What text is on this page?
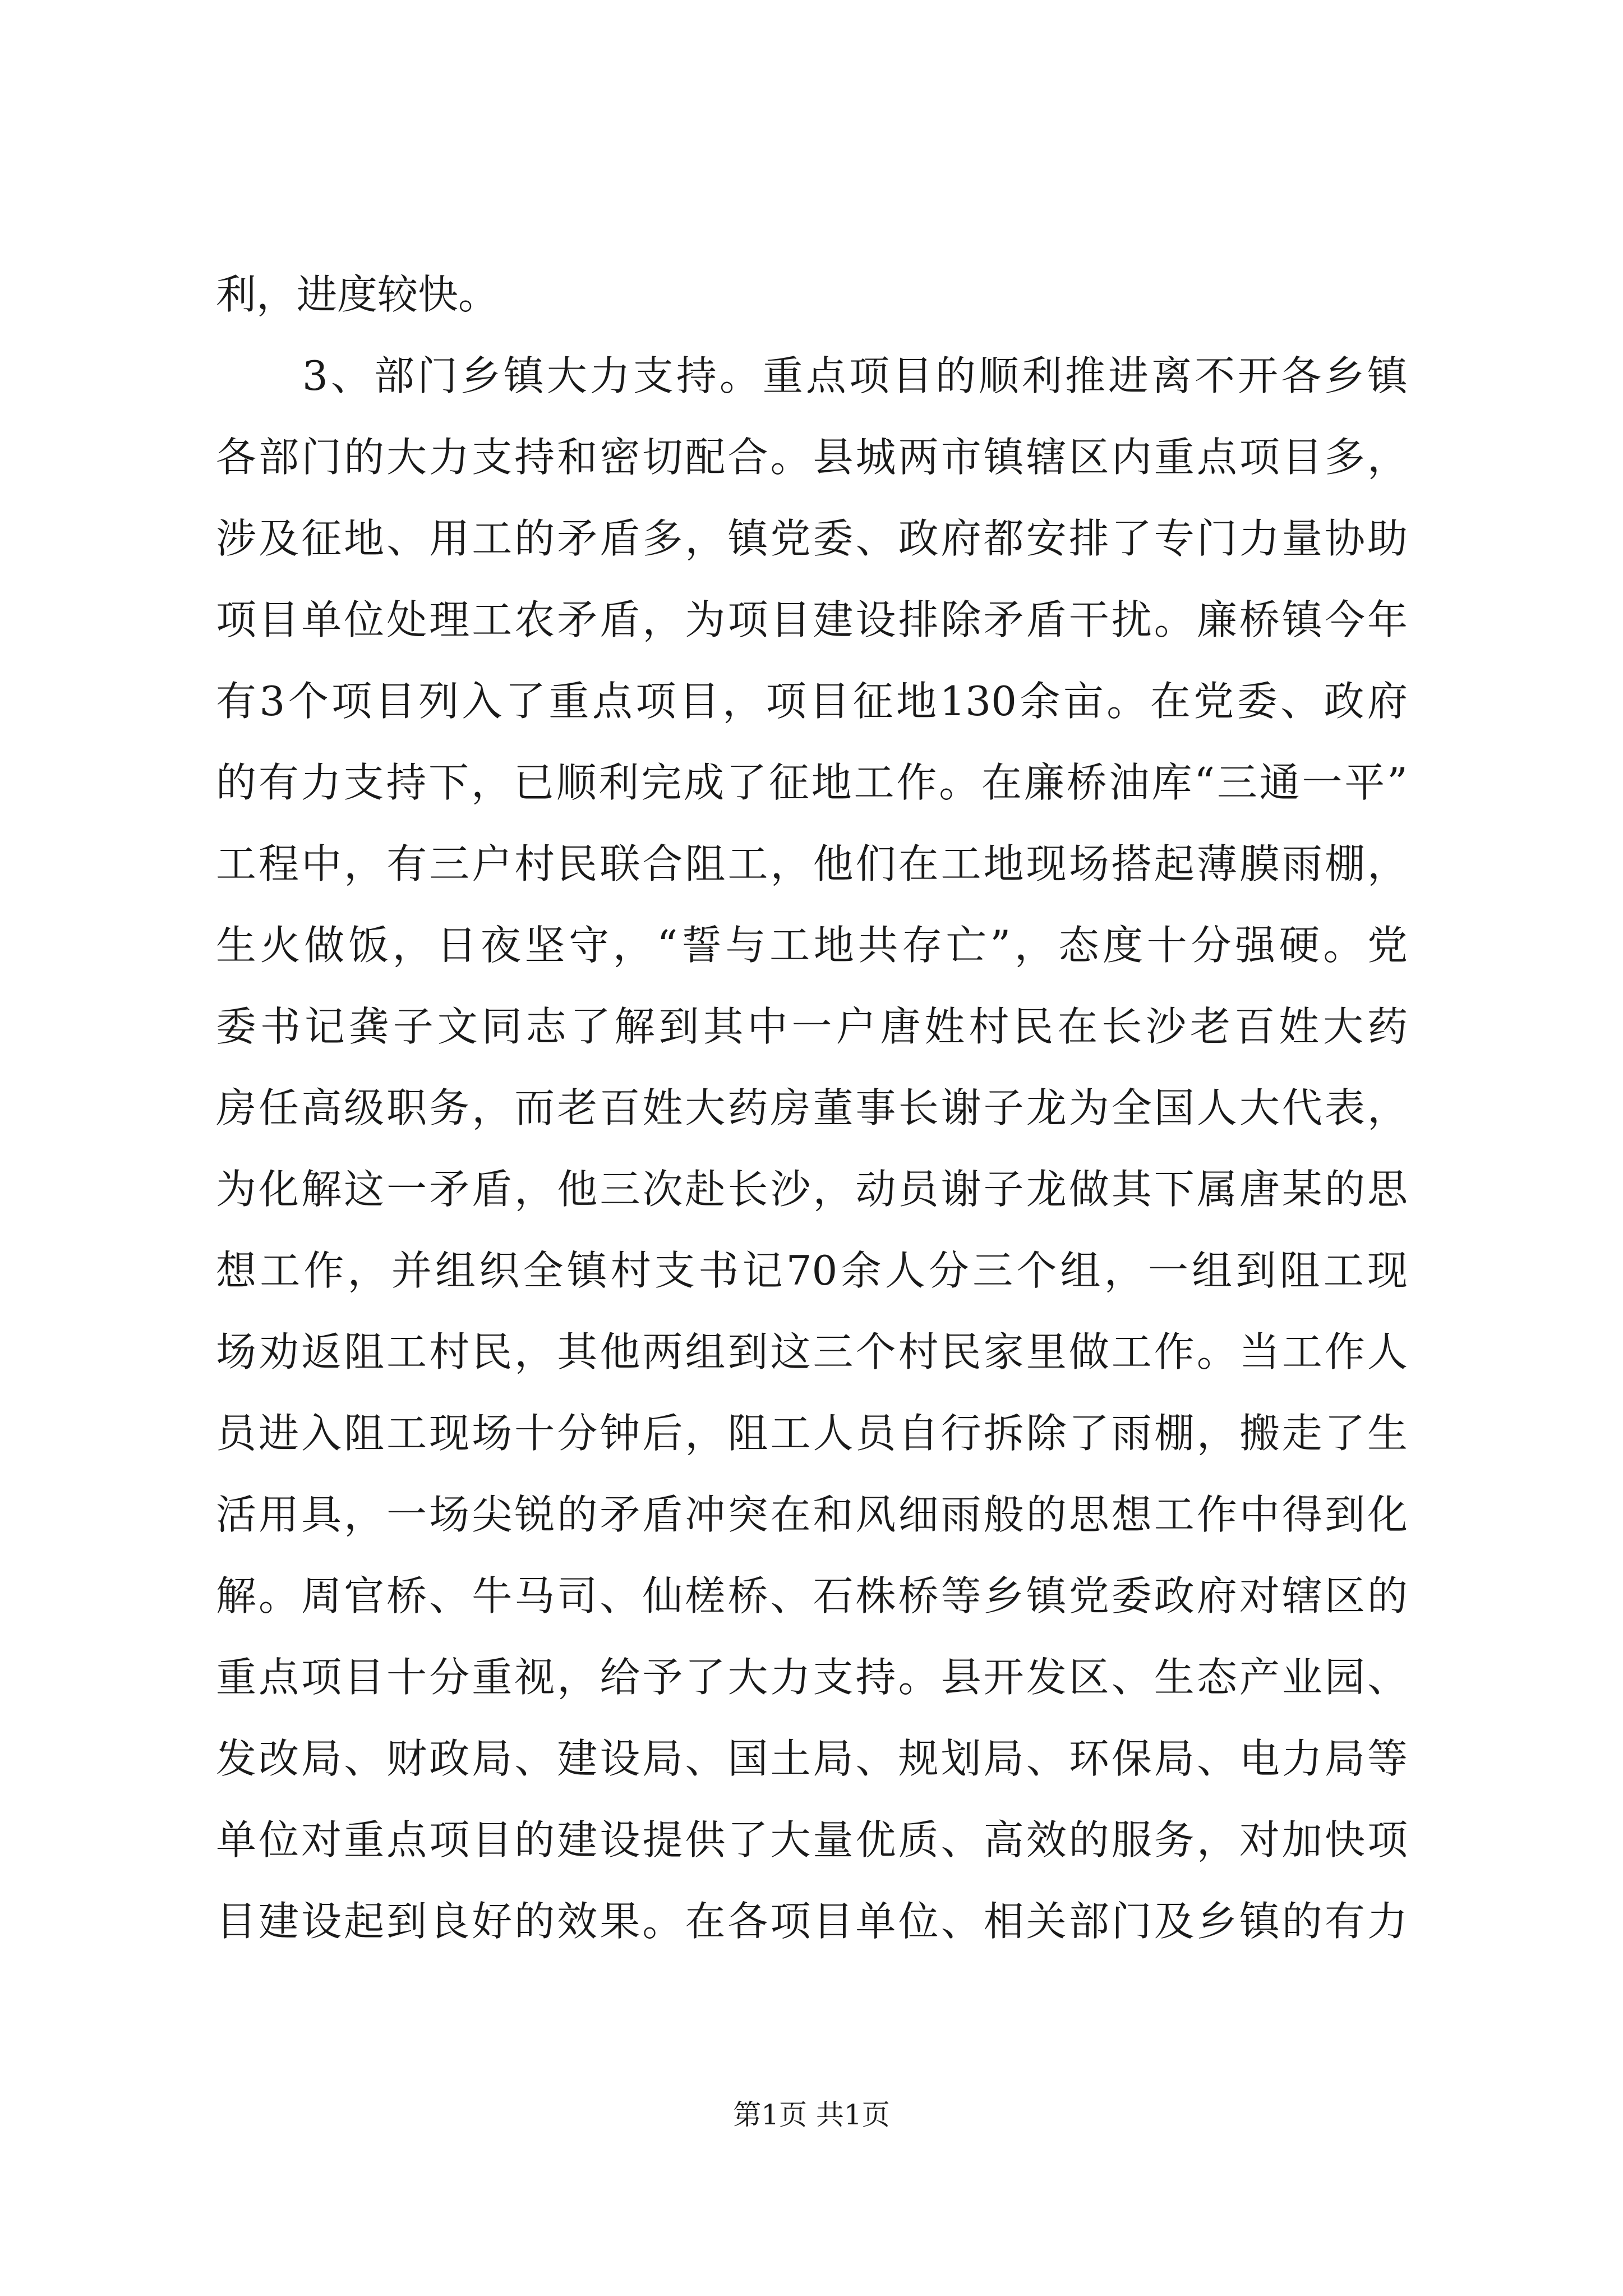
利，进度较快。
　　3、部门乡镇大力支持。重点项目的顺利推进离不开各乡镇
各部门的大力支持和密切配合。县城两市镇辖区内重点项目多，
涉及征地、用工的矛盾多，镇党委、政府都安排了专门力量协助
项目单位处理工农矛盾，为项目建设排除矛盾干扰。廉桥镇今年
有3个项目列入了重点项目，项目征地130余亩。在党委、政府
的有力支持下，已顺利完成了征地工作。在廉桥油库“三通一平”
工程中，有三户村民联合阻工，他们在工地现场搭起薄膜雨棚，
生火做饭，日夜坚守，“誓与工地共存亡”，态度十分强硬。党
委书记龚子文同志了解到其中一户唐姓村民在长沙老百姓大药
房任高级职务，而老百姓大药房董事长谢子龙为全国人大代表，
为化解这一矛盾，他三次赴长沙，动员谢子龙做其下属唐某的思
想工作，并组织全镇村支书记70余人分三个组，一组到阻工现
场劝返阻工村民，其他两组到这三个村民家里做工作。当工作人
员进入阻工现场十分钟后，阻工人员自行拆除了雨棚，搬走了生
活用具，一场尖锐的矛盾冲突在和风细雨般的思想工作中得到化
解。周官桥、牛马司、仙槎桥、石株桥等乡镇党委政府对辖区的
重点项目十分重视，给予了大力支持。县开发区、生态产业园、
发改局、财政局、建设局、国土局、规划局、环保局、电力局等
单位对重点项目的建设提供了大量优质、高效的服务，对加快项
目建设起到良好的效果。在各项目单位、相关部门及乡镇的有力
第1页 共1页
